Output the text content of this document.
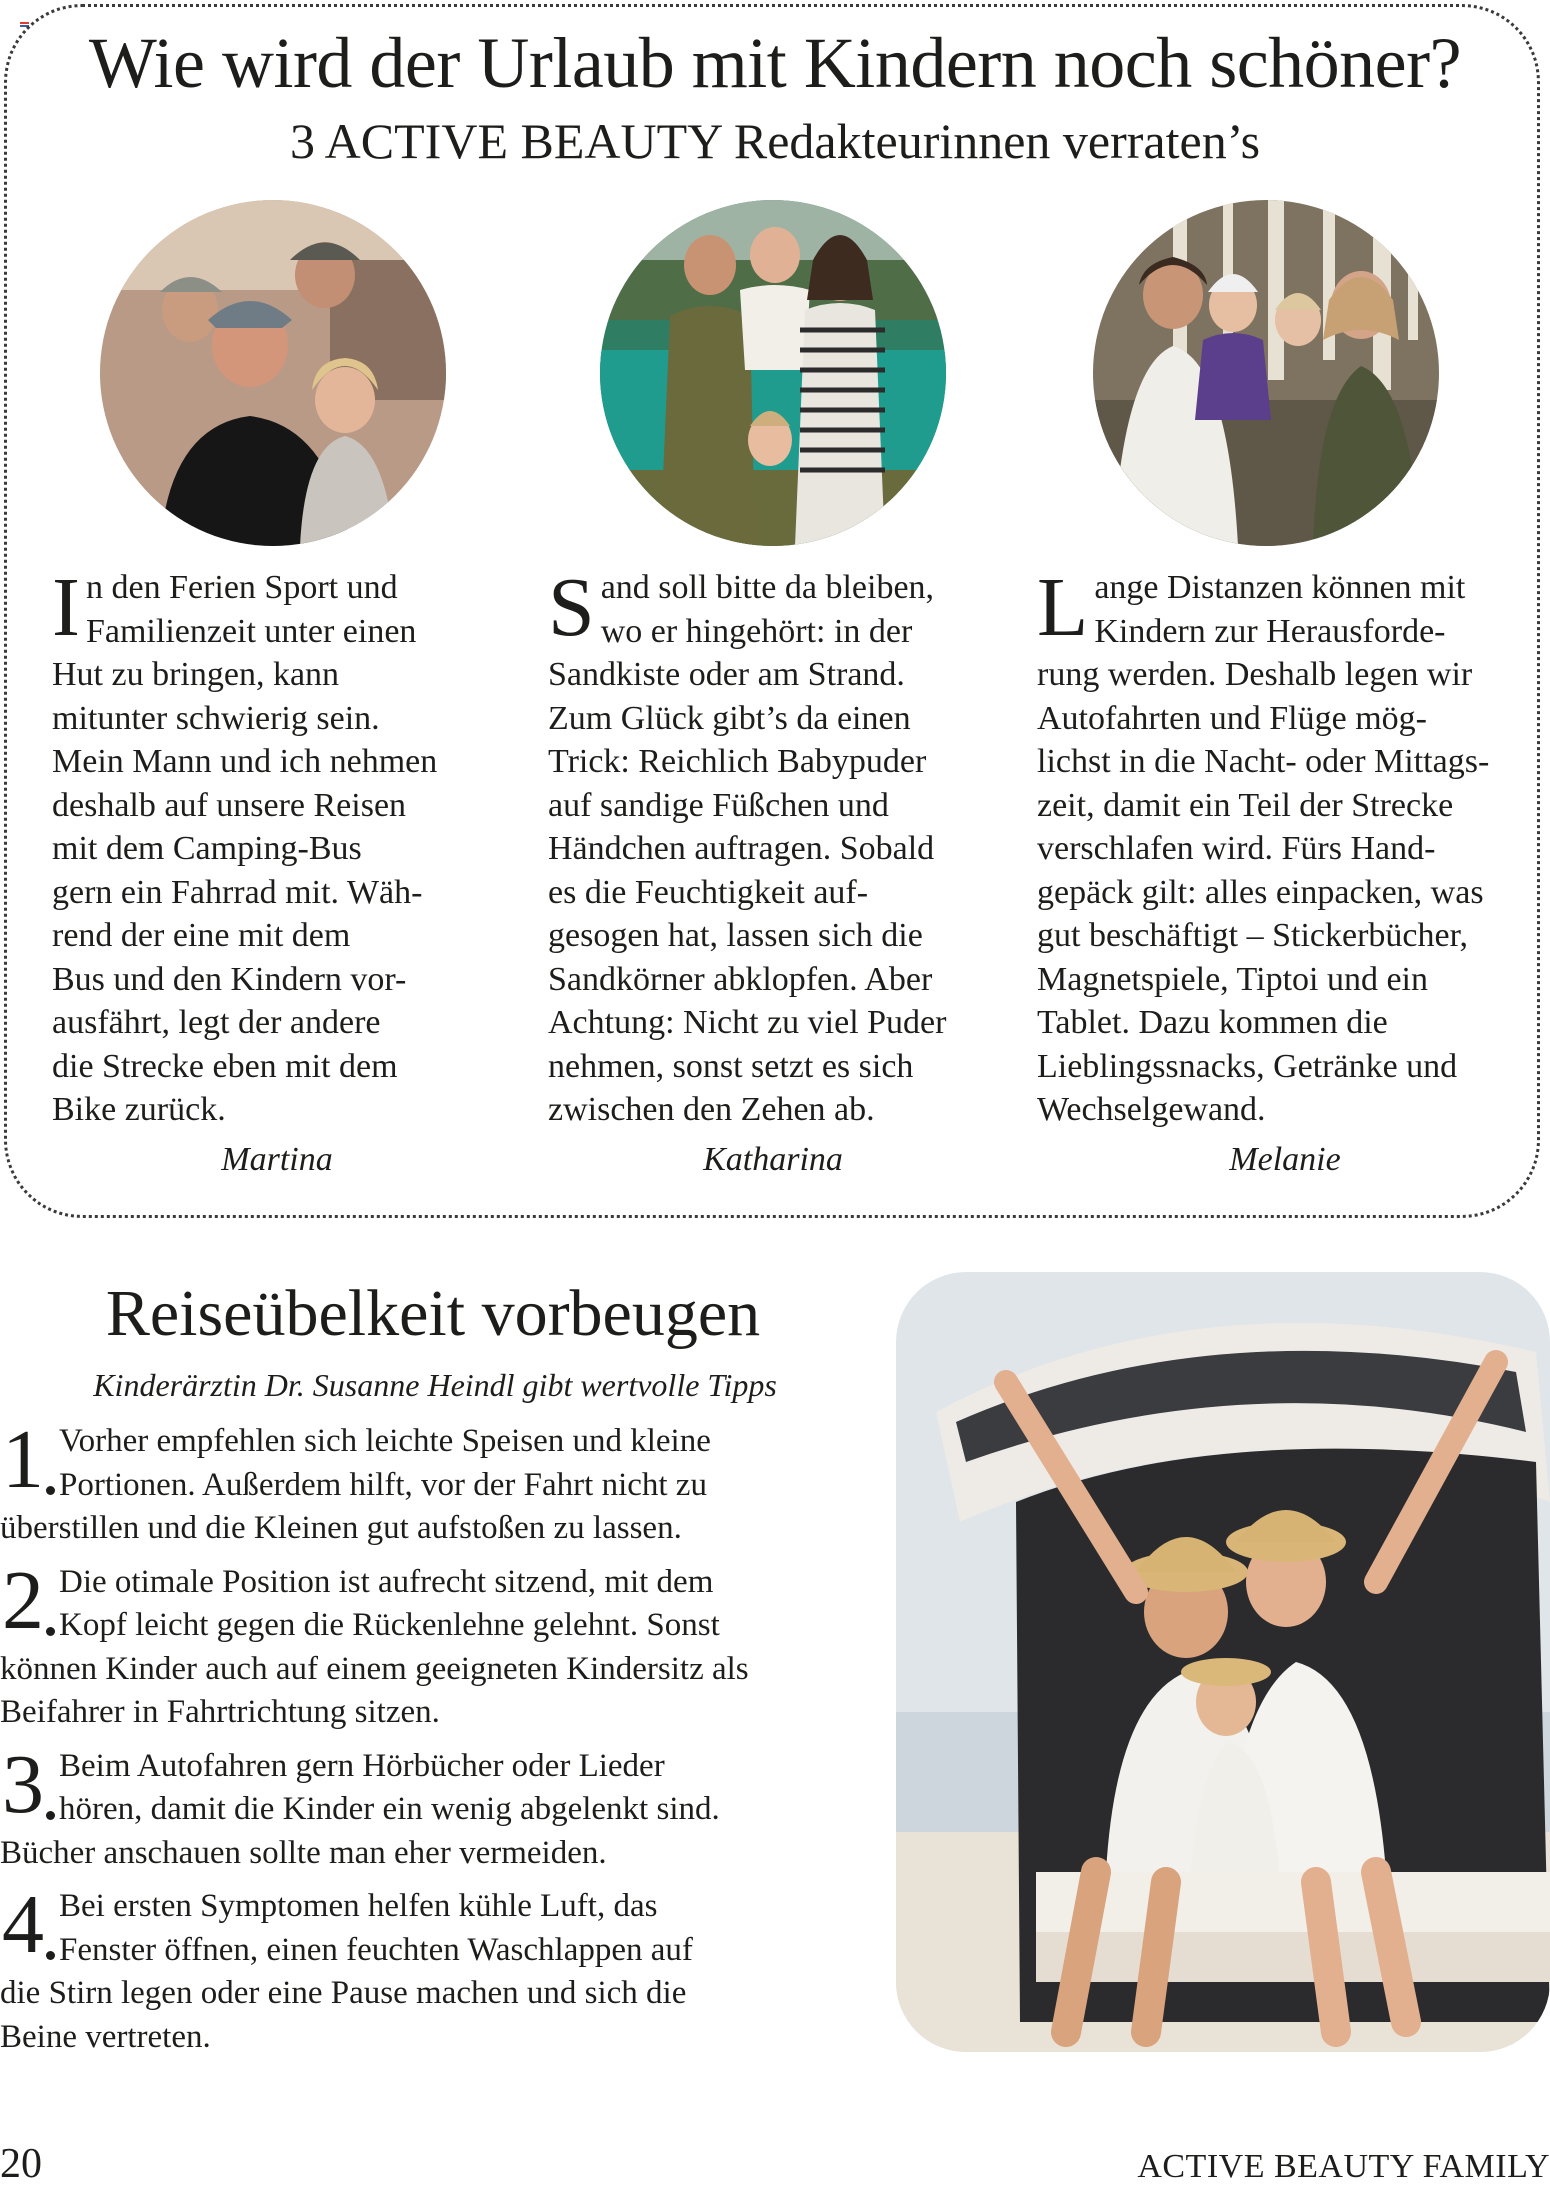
Wie wird der Urlaub mit Kindern noch schöner?
3 ACTIVE BEAUTY Redakteurinnen verraten’s
In den Ferien Sport und
Familienzeit unter einen
Hut zu bringen, kann
mitunter schwierig sein.
Mein Mann und ich nehmen
deshalb auf unsere Reisen
mit dem Camping-Bus
gern ein Fahrrad mit. Wäh-
rend der eine mit dem
Bus und den Kindern vor-
ausfährt, legt der andere
die Strecke eben mit dem
Bike zurück.
Sand soll bitte da bleiben,
wo er hingehört: in der
Sandkiste oder am Strand.
Zum Glück gibt’s da einen
Trick: Reichlich Babypuder
auf sandige Füßchen und
Händchen auftragen. Sobald
es die Feuchtigkeit auf-
gesogen hat, lassen sich die
Sandkörner abklopfen. Aber
Achtung: Nicht zu viel Puder
nehmen, sonst setzt es sich
zwischen den Zehen ab.
Lange Distanzen können mit
Kindern zur Herausforde-
rung werden. Deshalb legen wir
Autofahrten und Flüge mög-
lichst in die Nacht- oder Mittags-
zeit, damit ein Teil der Strecke
verschlafen wird. Fürs Hand-
gepäck gilt: alles einpacken, was
gut beschäftigt – Stickerbücher,
Magnetspiele, Tiptoi und ein
Tablet. Dazu kommen die
Lieblingssnacks, Getränke und
Wechselgewand.
Martina	Katharina	Melanie
Reiseübelkeit vorbeugen
Kinderärztin Dr. Susanne Heindl gibt wertvolle Tipps
1 Vorher empfehlen sich leichte Speisen und kleine
Portionen. Außerdem hilft, vor der Fahrt nicht zu
überstillen und die Kleinen gut aufstoßen zu lassen.
2 Die otimale Position ist aufrecht sitzend, mit dem
Kopf leicht gegen die Rückenlehne gelehnt. Sonst
können Kinder auch auf einem geeigneten Kindersitz als
Beifahrer in Fahrtrichtung sitzen.
3 Beim Autofahren gern Hörbücher oder Lieder
hören, damit die Kinder ein wenig abgelenkt sind.
Bücher anschauen sollte man eher vermeiden.
4 Bei ersten Symptomen helfen kühle Luft, das
Fenster öffnen, einen feuchten Waschlappen auf
die Stirn legen oder eine Pause machen und sich die
Beine vertreten.
20	ACTIVE BEAUTY FAMILY
